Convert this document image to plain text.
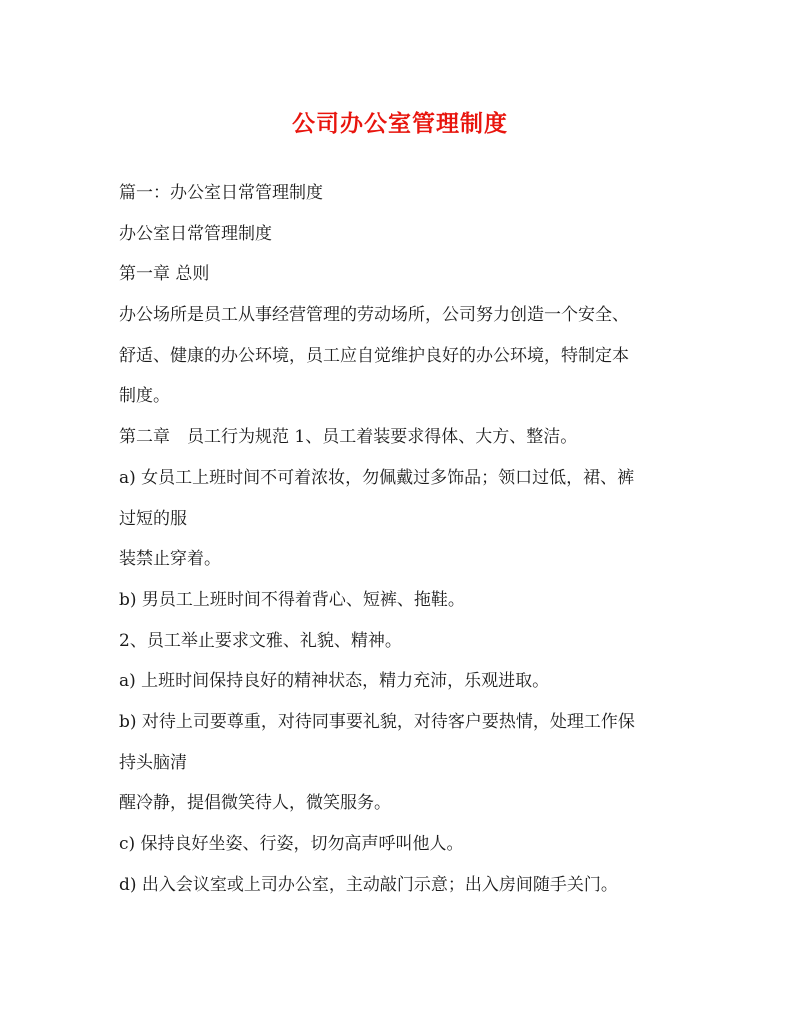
公司办公室管理制度
篇一：办公室日常管理制度
办公室日常管理制度
第一章 总则
办公场所是员工从事经营管理的劳动场所，公司努力创造一个安全、
舒适、健康的办公环境，员工应自觉维护良好的办公环境，特制定本
制度。
第二章　员工行为规范 1、员工着装要求得体、大方、整洁。
a) 女员工上班时间不可着浓妆，勿佩戴过多饰品；领口过低，裙、裤
过短的服
装禁止穿着。
b) 男员工上班时间不得着背心、短裤、拖鞋。
2、员工举止要求文雅、礼貌、精神。
a) 上班时间保持良好的精神状态，精力充沛，乐观进取。
b) 对待上司要尊重，对待同事要礼貌，对待客户要热情，处理工作保
持头脑清
醒冷静，提倡微笑待人，微笑服务。
c) 保持良好坐姿、行姿，切勿高声呼叫他人。
d) 出入会议室或上司办公室，主动敲门示意；出入房间随手关门。
